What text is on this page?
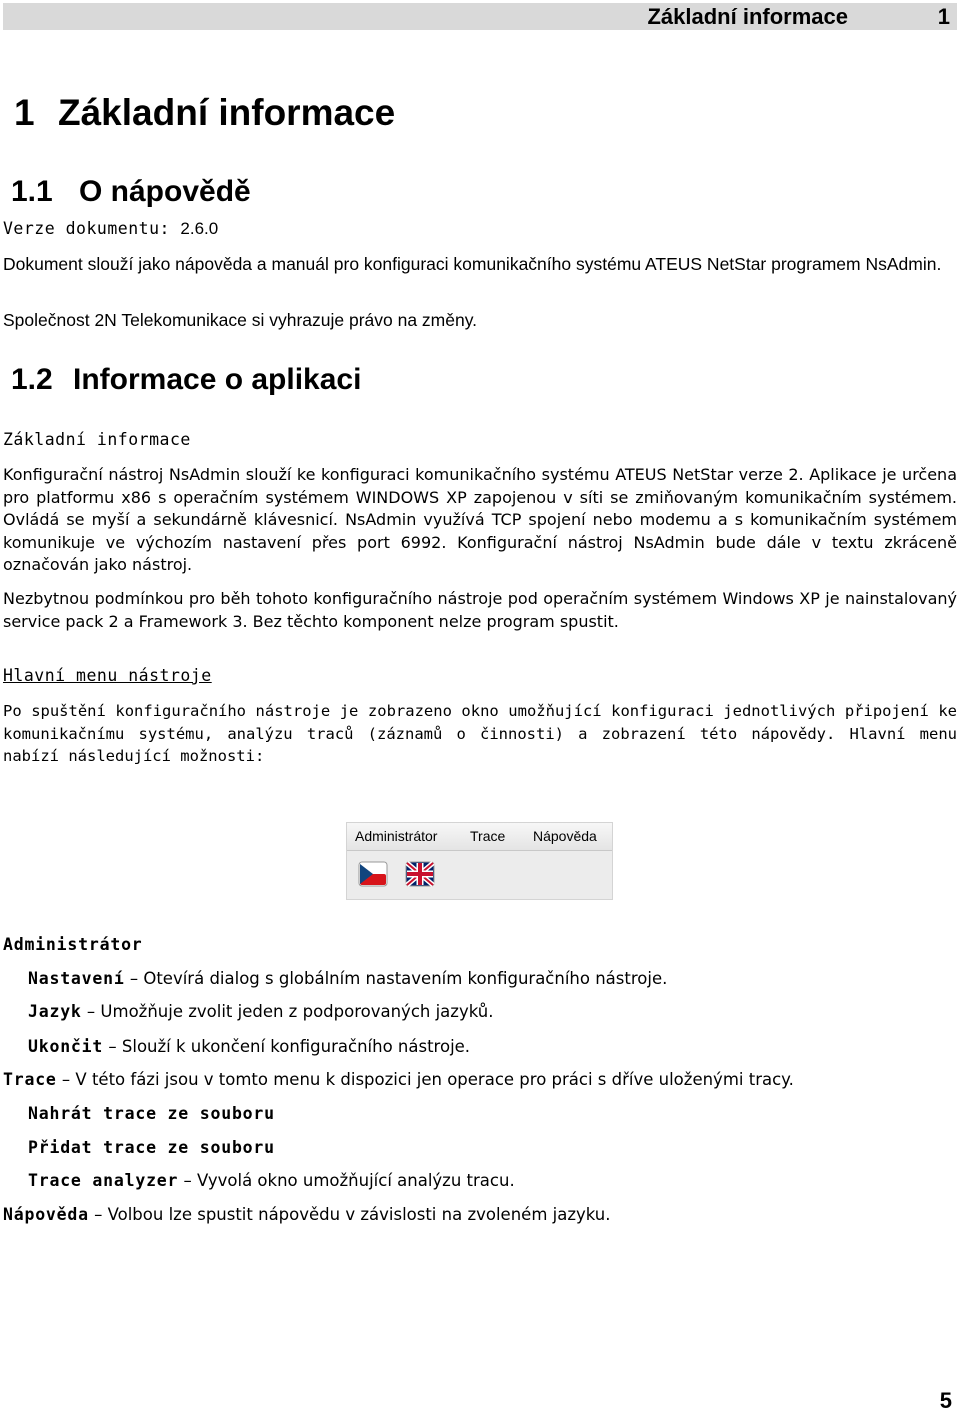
Základní informace	1
1 Základní informace
1.1 O nápovědě
Verze dokumentu: 2.6.0

Dokument slouží jako nápověda a manuál pro konfiguraci komunikačního systému ATEUS NetStar programem NsAdmin.

Společnost 2N Telekomunikace si vyhrazuje právo na změny.

1.2 Informace o aplikaci
Základní informace

Konfigurační nástroj NsAdmin slouží ke konfiguraci komunikačního systému ATEUS NetStar verze 2. Aplikace je určena pro platformu x86 s operačním systémem WINDOWS XP zapojenou v síti se zmiňovaným komunikačním systémem. Ovládá se myší a sekundárně klávesnicí. NsAdmin využívá TCP spojení nebo modemu a s komunikačním systémem komunikuje ve výchozím nastavení přes port 6992. Konfigurační nástroj NsAdmin bude dále v textu zkráceně označován jako nástroj.

Nezbytnou podmínkou pro běh tohoto konfiguračního nástroje pod operačním systémem Windows XP je nainstalovaný service pack 2 a Framework 3. Bez těchto komponent nelze program spustit.

Hlavní menu nástroje

Po spuštění konfiguračního nástroje je zobrazeno okno umožňující konfiguraci jednotlivých připojení ke komunikačnímu systému, analýzu traců (záznamů o činnosti) a zobrazení této nápovědy. Hlavní menu nabízí následující možnosti:

Administrátor Trace Nápověda
Administrátor
Nastavení – Otevírá dialog s globálním nastavením konfiguračního nástroje.
Jazyk – Umožňuje zvolit jeden z podporovaných jazyků.
Ukončit – Slouží k ukončení konfiguračního nástroje.
Trace – V této fázi jsou v tomto menu k dispozici jen operace pro práci s dříve uloženými tracy.
Nahrát trace ze souboru
Přidat trace ze souboru
Trace analyzer – Vyvolá okno umožňující analýzu tracu.
Nápověda – Volbou lze spustit nápovědu v závislosti na zvoleném jazyku.
5
